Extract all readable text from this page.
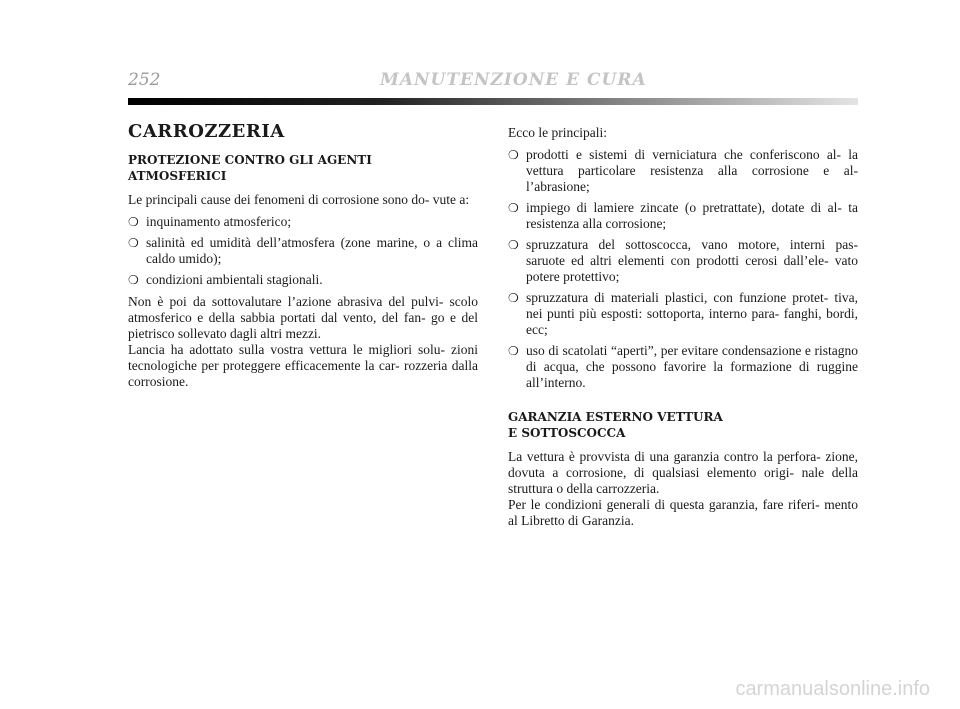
252	MANUTENZIONE E CURA
CARROZZERIA
PROTEZIONE CONTRO GLI AGENTI
ATMOSFERICI

Le principali cause dei fenomeni di corrosione sono do- vute a:

❍ inquinamento atmosferico;
❍ salinità ed umidità dell’atmosfera (zone marine, o a clima caldo umido);
❍ condizioni ambientali stagionali.

Non è poi da sottovalutare l’azione abrasiva del pulvi- scolo atmosferico e della sabbia portati dal vento, del fan- go e del pietrisco sollevato dagli altri mezzi.

Lancia ha adottato sulla vostra vettura le migliori solu- zioni tecnologiche per proteggere efficacemente la car- rozzeria dalla corrosione.

Ecco le principali:

❍ prodotti e sistemi di verniciatura che conferiscono al- la vettura particolare resistenza alla corrosione e al- l’abrasione;
❍ impiego di lamiere zincate (o pretrattate), dotate di al- ta resistenza alla corrosione;
❍ spruzzatura del sottoscocca, vano motore, interni pas- saruote ed altri elementi con prodotti cerosi dall’ele- vato potere protettivo;
❍ spruzzatura di materiali plastici, con funzione protet- tiva, nei punti più esposti: sottoporta, interno para- fanghi, bordi, ecc;
❍ uso di scatolati “aperti”, per evitare condensazione e ristagno di acqua, che possono favorire la formazione di ruggine all’interno.
GARANZIA ESTERNO VETTURA
E SOTTOSCOCCA

La vettura è provvista di una garanzia contro la perfora- zione, dovuta a corrosione, di qualsiasi elemento origi- nale della struttura o della carrozzeria.

Per le condizioni generali di questa garanzia, fare riferi- mento al Libretto di Garanzia.

carmanualsonline.info
